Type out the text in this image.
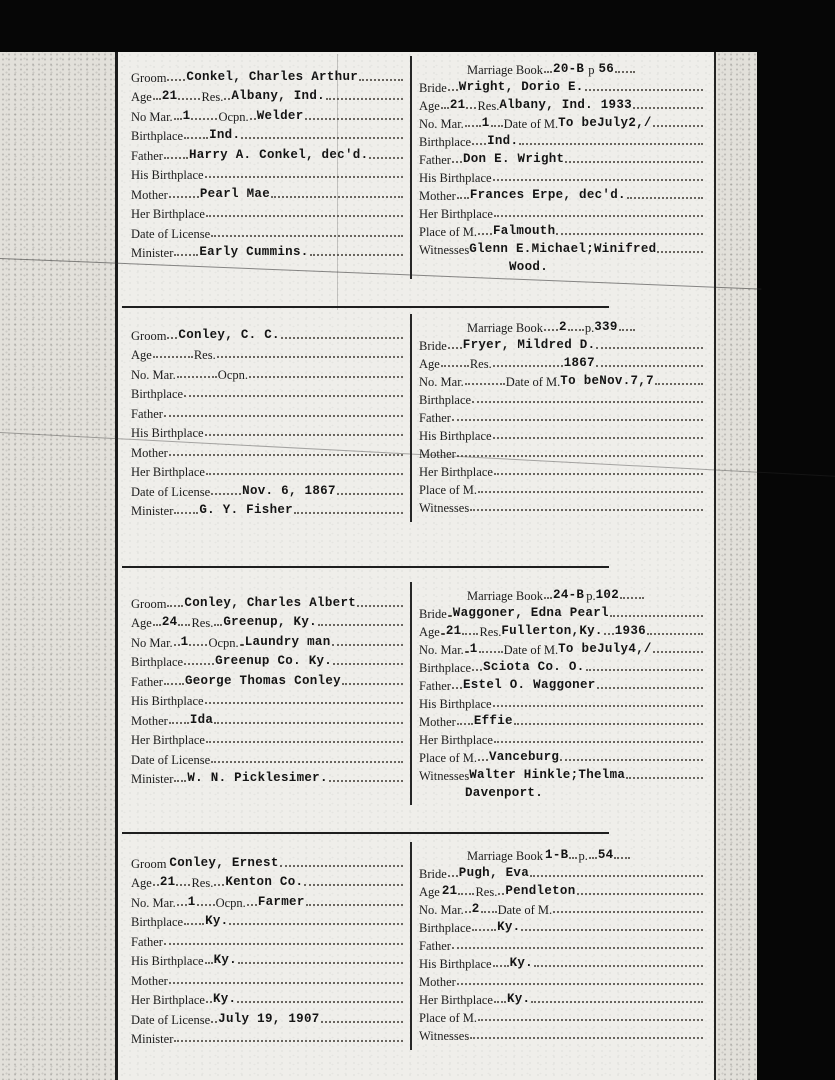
Groom Conkel, Charles Arthur
Age 21 Res. Albany, Ind.
No Mar. 1 Ocpn. Welder
Birthplace Ind.
Father Harry A. Conkel, dec'd.
His Birthplace
Mother	Pearl Mae
Her Birthplace
Date of License
Minister Early Cummins.
Marriage Book 20-B p 56
Bride Wright, Dorio E.
Age 21 Res. Albany, Ind. 1933
No. Mar. 1 Date of M. To beJuly2,/
Birthplace Ind.
Father Don E. Wright
His Birthplace
Mother Frances Erpe, dec'd.
Her Birthplace
Place of M. Falmouth
Witnesses Glenn E.Michael;Winifred
Wood.
Groom Conley, C. C.
Age	Res.
No. Mar.	Ocpn.
Birthplace
Father
His Birthplace
Mother
Her Birthplace
Date of License	Nov. 6, 1867
Minister G. Y. Fisher
Marriage Book 2 p. 339
Bride Fryer, Mildred D.
Age Res.	1867
No. Mar.	Date of M. To beNov.7,7
Birthplace
Father
His Birthplace
Mother
Her Birthplace
Place of M.
Witnesses
Groom Conley, Charles Albert
Age 24 Res. Greenup, Ky.
No Mar. 1 Ocpn. Laundry man
Birthplace	Greenup Co. Ky.
Father George Thomas Conley
His Birthplace
Mother Ida
Her Birthplace
Date of License
Minister W. N. Picklesimer.
Marriage Book 24-B p. 102
Bride Waggoner, Edna Pearl
Age 21 Res. Fullerton,Ky. 1936
No. Mar. 1 Date of M. To beJuly4,/
Birthplace Sciota Co. O.
Father Estel O. Waggoner
His Birthplace
Mother Effie
Her Birthplace
Place of M. Vanceburg
Witnesses Walter Hinkle;Thelma
Davenport.
Groom Conley, Ernest
Age 21 Res. Kenton Co.
No. Mar. 1 Ocpn. Farmer
Birthplace Ky.
Father
His Birthplace Ky.
Mother
Her Birthplace Ky.
Date of License July 19, 1907
Minister
Marriage Book 1-B p. 54
Bride Pugh, Eva
Age 21 Res. Pendleton
No. Mar. 2 Date of M.
Birthplace Ky.
Father
His Birthplace Ky.
Mother
Her Birthplace Ky.
Place of M.
Witnesses
